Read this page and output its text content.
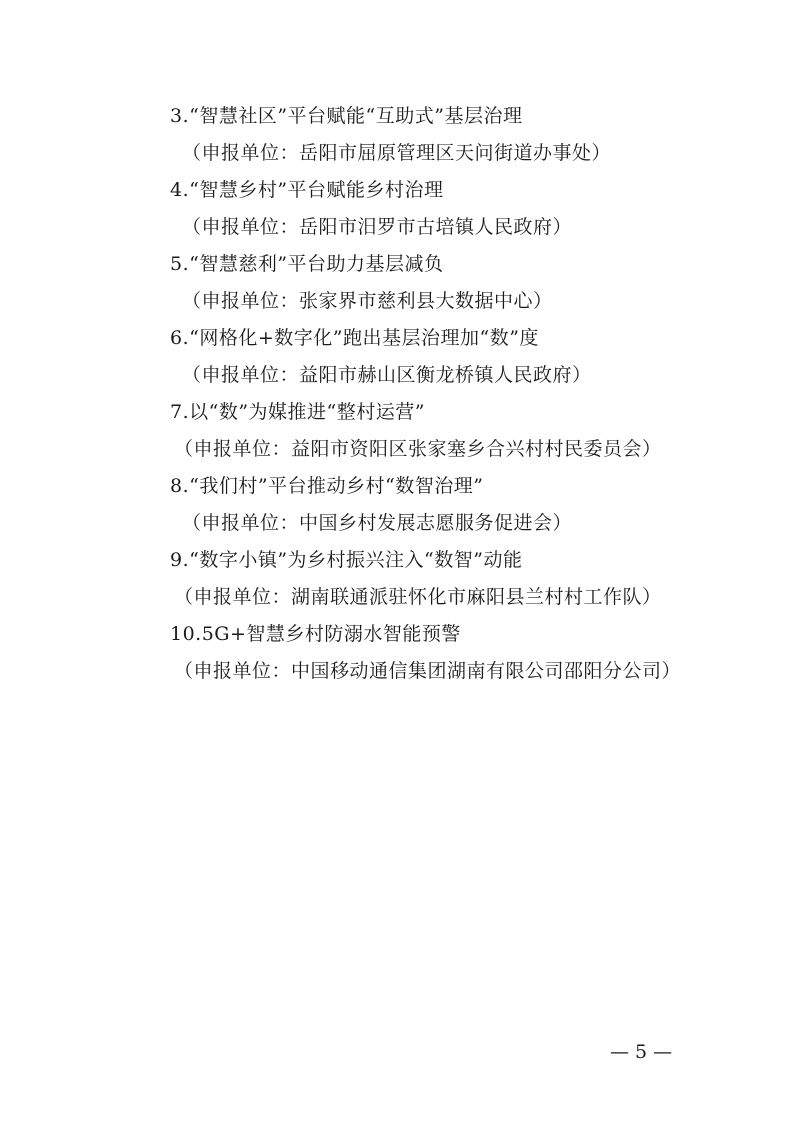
3.“智慧社区”平台赋能“互助式”基层治理
（申报单位：岳阳市屈原管理区天问街道办事处）
4.“智慧乡村”平台赋能乡村治理
（申报单位：岳阳市汨罗市古培镇人民政府）
5.“智慧慈利”平台助力基层减负
（申报单位：张家界市慈利县大数据中心）
6.“网格化+数字化”跑出基层治理加“数”度
（申报单位：益阳市赫山区衡龙桥镇人民政府）
7.以“数”为媒推进“整村运营”
（申报单位：益阳市资阳区张家塞乡合兴村村民委员会）
8.“我们村”平台推动乡村“数智治理”
（申报单位：中国乡村发展志愿服务促进会）
9.“数字小镇”为乡村振兴注入“数智”动能
（申报单位：湖南联通派驻怀化市麻阳县兰村村工作队）
10.5G+智慧乡村防溺水智能预警
（申报单位：中国移动通信集团湖南有限公司邵阳分公司）
— 5 —
